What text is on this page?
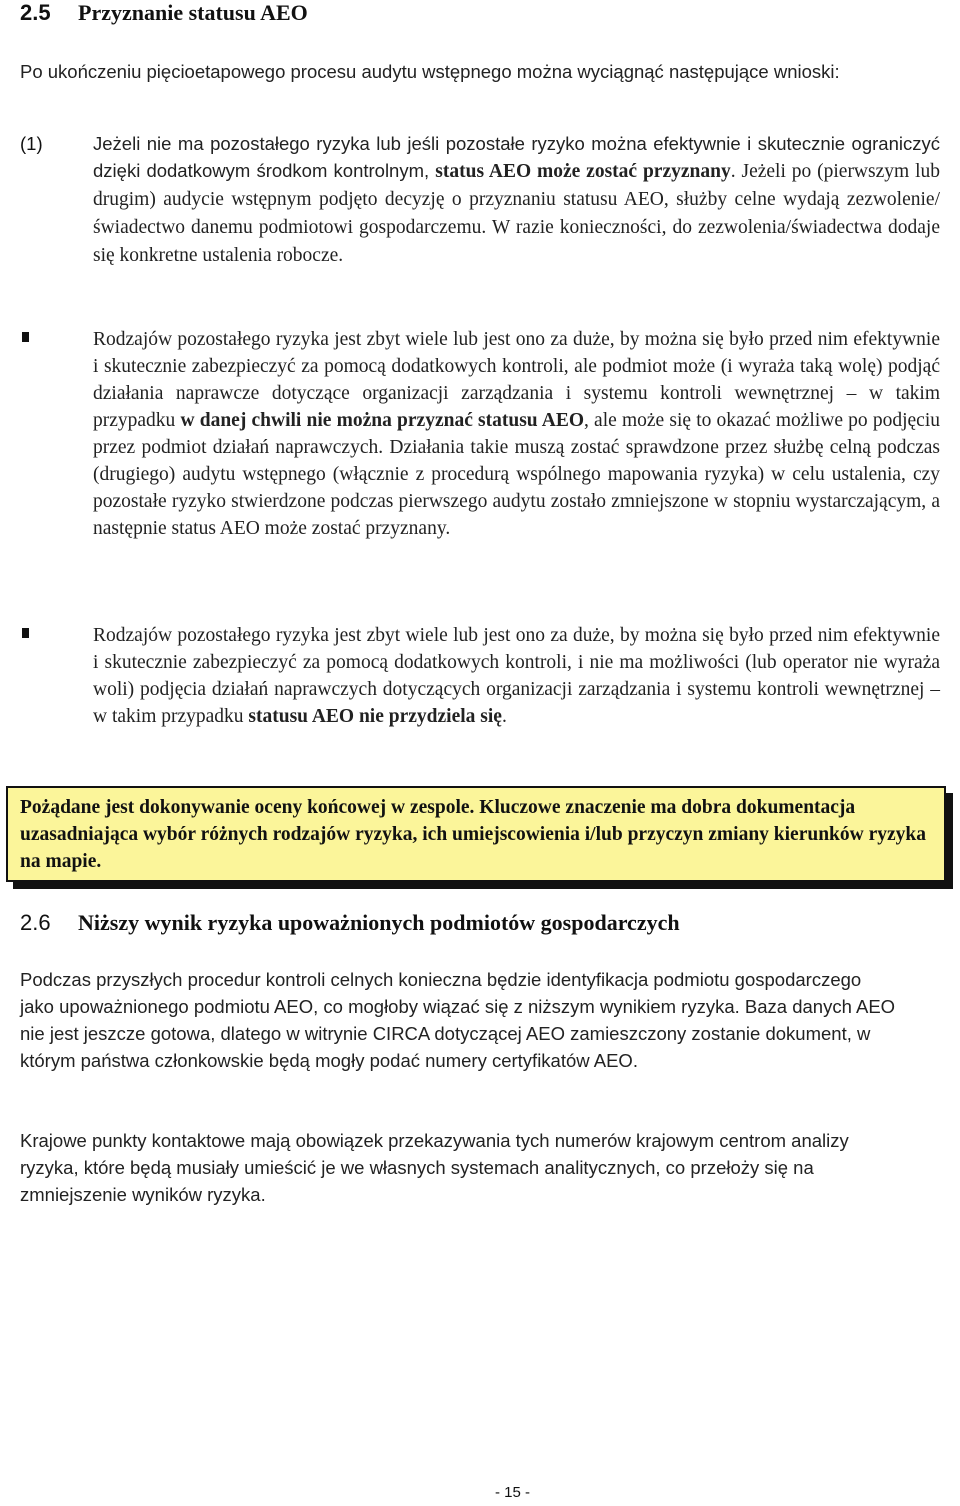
2.5 Przyznanie statusu AEO
Po ukończeniu pięcioetapowego procesu audytu wstępnego można wyciągnąć następujące wnioski:
(1)	Jeżeli nie ma pozostałego ryzyka lub jeśli pozostałe ryzyko można efektywnie i skutecznie ograniczyć dzięki dodatkowym środkom kontrolnym, status AEO może zostać przyznany. Jeżeli po (pierwszym lub drugim) audycie wstępnym podjęto decyzję o przyznaniu statusu AEO, służby celne wydają zezwolenie/świadectwo danemu podmiotowi gospodarczemu. W razie konieczności, do zezwolenia/świadectwa dodaje się konkretne ustalenia robocze.
Rodzajów pozostałego ryzyka jest zbyt wiele lub jest ono za duże, by można się było przed nim efektywnie i skutecznie zabezpieczyć za pomocą dodatkowych kontroli, ale podmiot może (i wyraża taką wolę) podjąć działania naprawcze dotyczące organizacji zarządzania i systemu kontroli wewnętrznej – w takim przypadku w danej chwili nie można przyznać statusu AEO, ale może się to okazać możliwe po podjęciu przez podmiot działań naprawczych. Działania takie muszą zostać sprawdzone przez służbę celną podczas (drugiego) audytu wstępnego (włącznie z procedurą wspólnego mapowania ryzyka) w celu ustalenia, czy pozostałe ryzyko stwierdzone podczas pierwszego audytu zostało zmniejszone w stopniu wystarczającym, a następnie status AEO może zostać przyznany.
Rodzajów pozostałego ryzyka jest zbyt wiele lub jest ono za duże, by można się było przed nim efektywnie i skutecznie zabezpieczyć za pomocą dodatkowych kontroli, i nie ma możliwości (lub operator nie wyraża woli) podjęcia działań naprawczych dotyczących organizacji zarządzania i systemu kontroli wewnętrznej – w takim przypadku statusu AEO nie przydziela się.
Pożądane jest dokonywanie oceny końcowej w zespole. Kluczowe znaczenie ma dobra dokumentacja uzasadniająca wybór różnych rodzajów ryzyka, ich umiejscowienia i/lub przyczyn zmiany kierunków ryzyka na mapie.
2.6 Niższy wynik ryzyka upoważnionych podmiotów gospodarczych
Podczas przyszłych procedur kontroli celnych konieczna będzie identyfikacja podmiotu gospodarczego jako upoważnionego podmiotu AEO, co mogłoby wiązać się z niższym wynikiem ryzyka. Baza danych AEO nie jest jeszcze gotowa, dlatego w witrynie CIRCA dotyczącej AEO zamieszczony zostanie dokument, w którym państwa członkowskie będą mogły podać numery certyfikatów AEO.
Krajowe punkty kontaktowe mają obowiązek przekazywania tych numerów krajowym centrom analizy ryzyka, które będą musiały umieścić je we własnych systemach analitycznych, co przełoży się na zmniejszenie wyników ryzyka.
- 15 -
